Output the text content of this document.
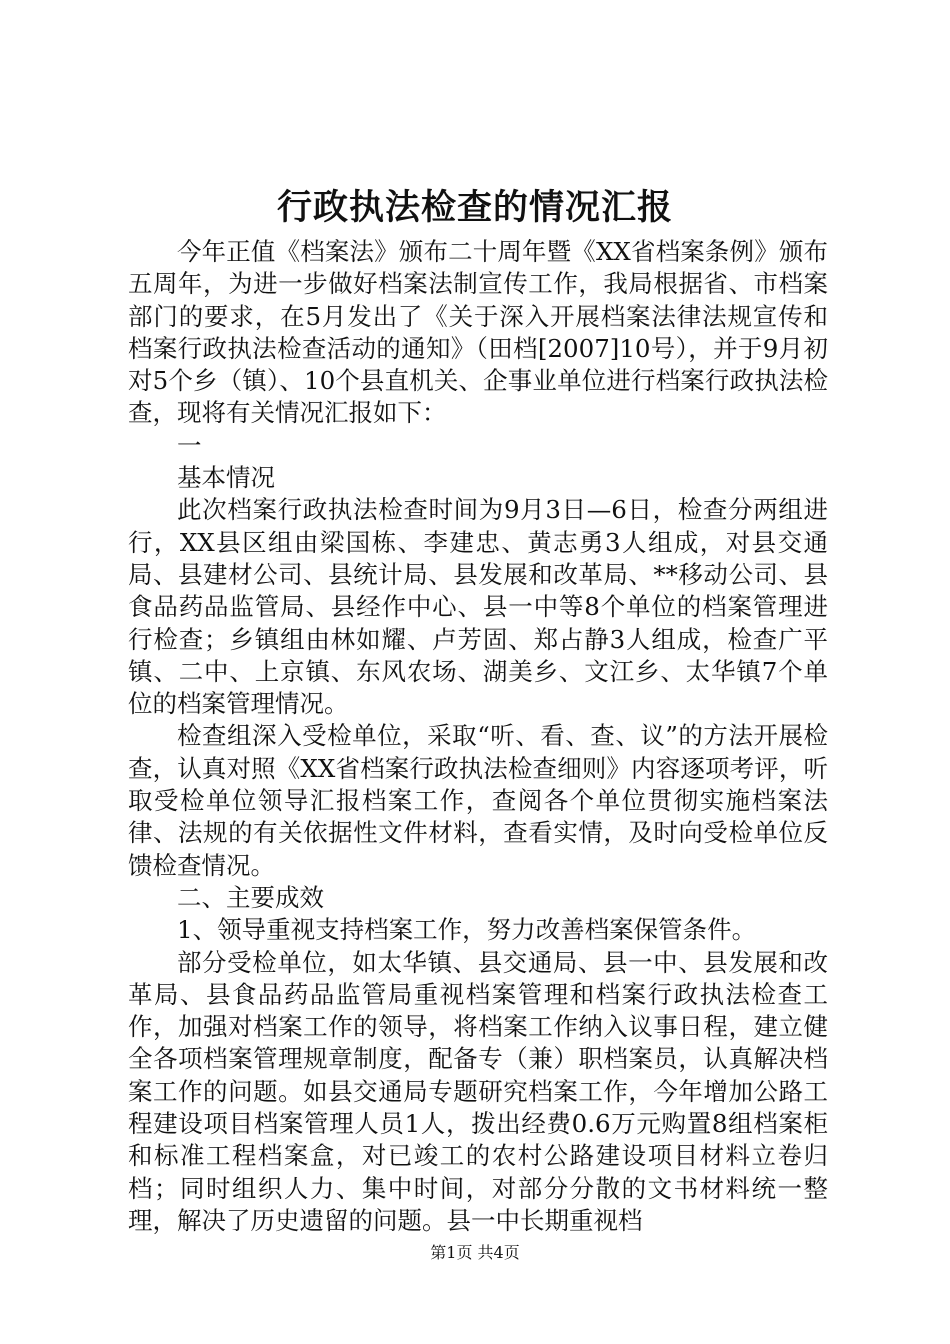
行政执法检查的情况汇报

今年正值《档案法》颁布二十周年暨《XX省档案条例》颁布五周年，为进一步做好档案法制宣传工作，我局根据省、市档案部门的要求，在5月发出了《关于深入开展档案法律法规宣传和档案行政执法检查活动的通知》（田档[2007]10号），并于9月初对5个乡（镇）、10个县直机关、企事业单位进行档案行政执法检查，现将有关情况汇报如下：

一

基本情况

此次档案行政执法检查时间为9月3日—6日，检查分两组进行，XX县区组由梁国栋、李建忠、黄志勇3人组成，对县交通局、县建材公司、县统计局、县发展和改革局、**移动公司、县食品药品监管局、县经作中心、县一中等8个单位的档案管理进行检查；乡镇组由林如耀、卢芳固、郑占静3人组成，检查广平镇、二中、上京镇、东风农场、湖美乡、文江乡、太华镇7个单位的档案管理情况。

检查组深入受检单位，采取“听、看、查、议”的方法开展检查，认真对照《XX省档案行政执法检查细则》内容逐项考评，听取受检单位领导汇报档案工作，查阅各个单位贯彻实施档案法律、法规的有关依据性文件材料，查看实情，及时向受检单位反馈检查情况。

二、主要成效

1、领导重视支持档案工作，努力改善档案保管条件。

部分受检单位，如太华镇、县交通局、县一中、县发展和改革局、县食品药品监管局重视档案管理和档案行政执法检查工作，加强对档案工作的领导，将档案工作纳入议事日程，建立健全各项档案管理规章制度，配备专（兼）职档案员，认真解决档案工作的问题。如县交通局专题研究档案工作，今年增加公路工程建设项目档案管理人员1人，拨出经费0.6万元购置8组档案柜和标准工程档案盒，对已竣工的农村公路建设项目材料立卷归档；同时组织人力、集中时间，对部分分散的文书材料统一整理，解决了历史遗留的问题。县一中长期重视档

第1页 共4页
